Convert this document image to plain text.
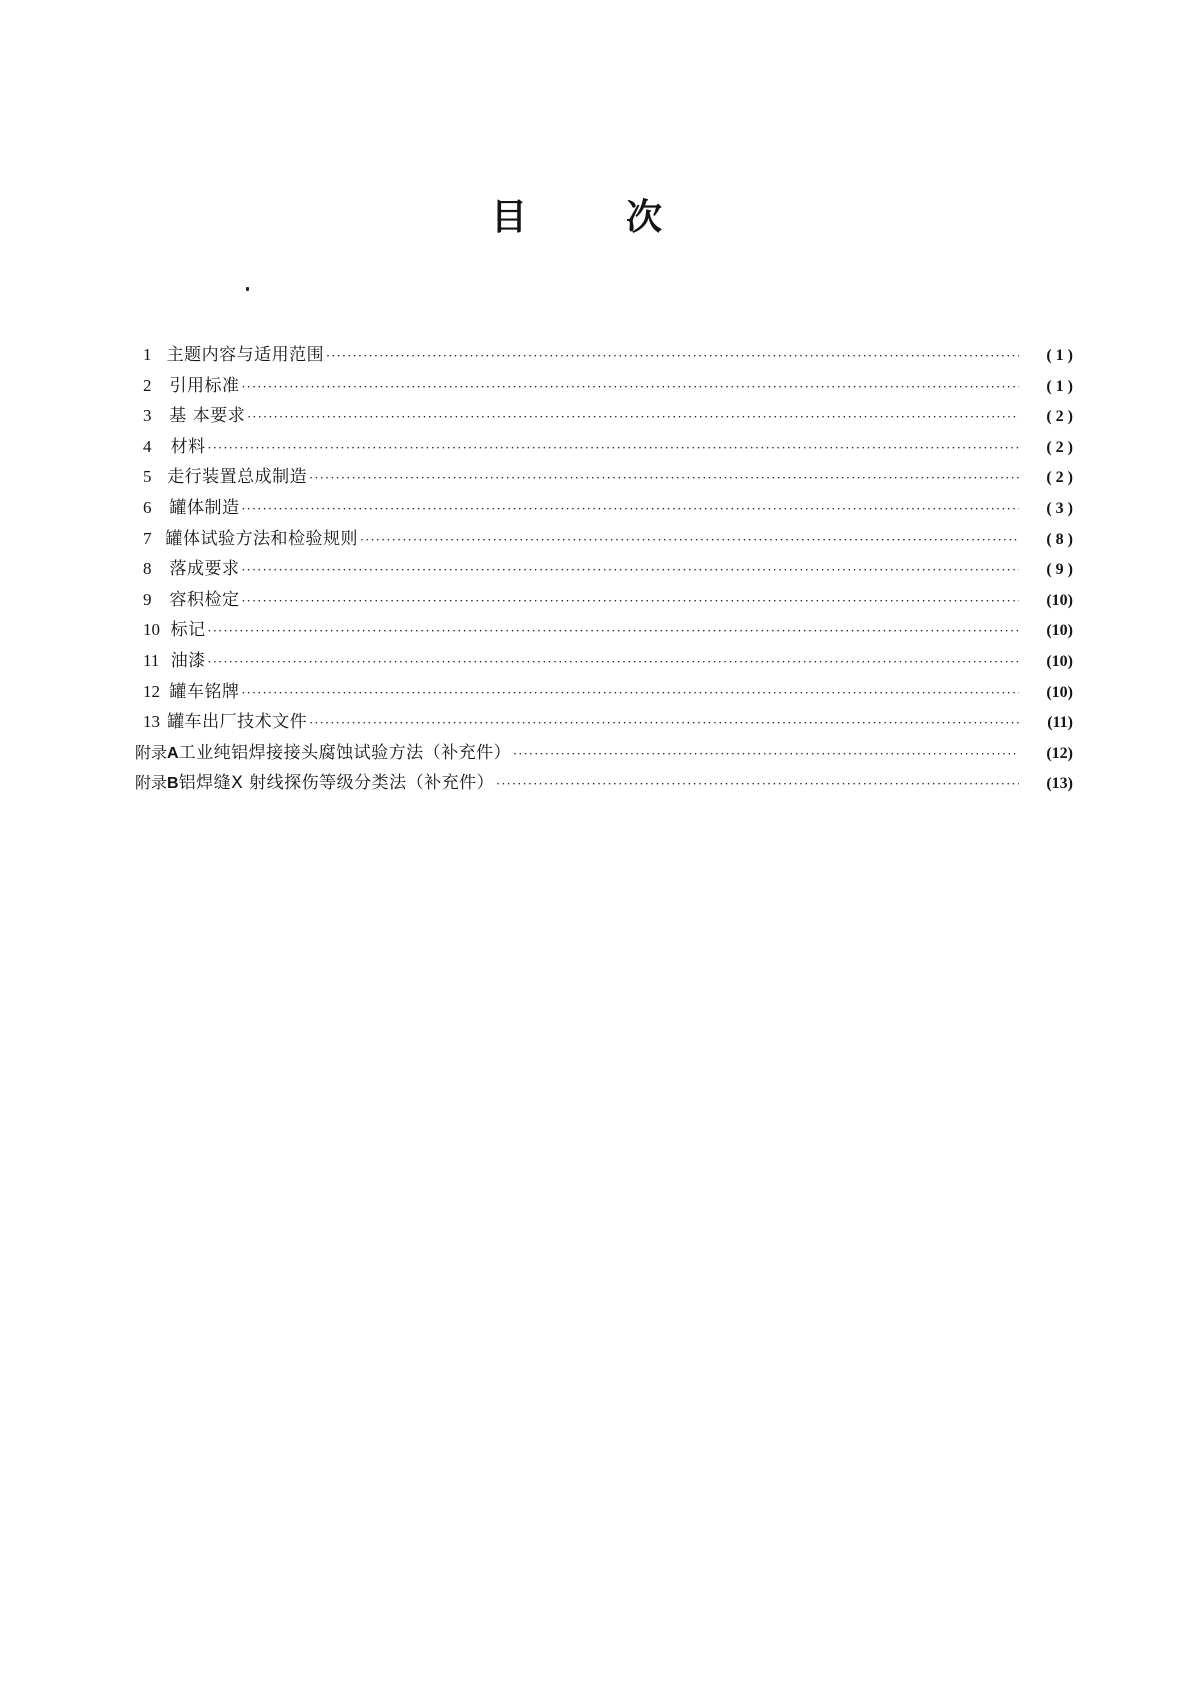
目	次
1 主题内容与适用范围 ·····	( 1 )
2	引用标准 ·····	( 1 )
3	基 本要求 ·····	( 2 )
4	材料 ·····	( 2 )
5 走行装置总成制造 ·····	( 2 )
6	罐体制造 ·····	( 3 )
7 罐体试验方法和检验规则 ·····	( 8 )
8	落成要求 ·····	( 9 )
9	容积检定 ·····	(10)
10 标记 ·····	(10)
11 油漆 ·····	(10)
12 罐车铭牌 ·····	(10)
13 罐车出厂技术文件 ·····	(11)
附录A 工业纯铝焊接接头腐蚀试验方法（补充件） ·····	(12)
附录B 铝焊缝X 射线探伤等级分类法（补充件） ·····	(13)
